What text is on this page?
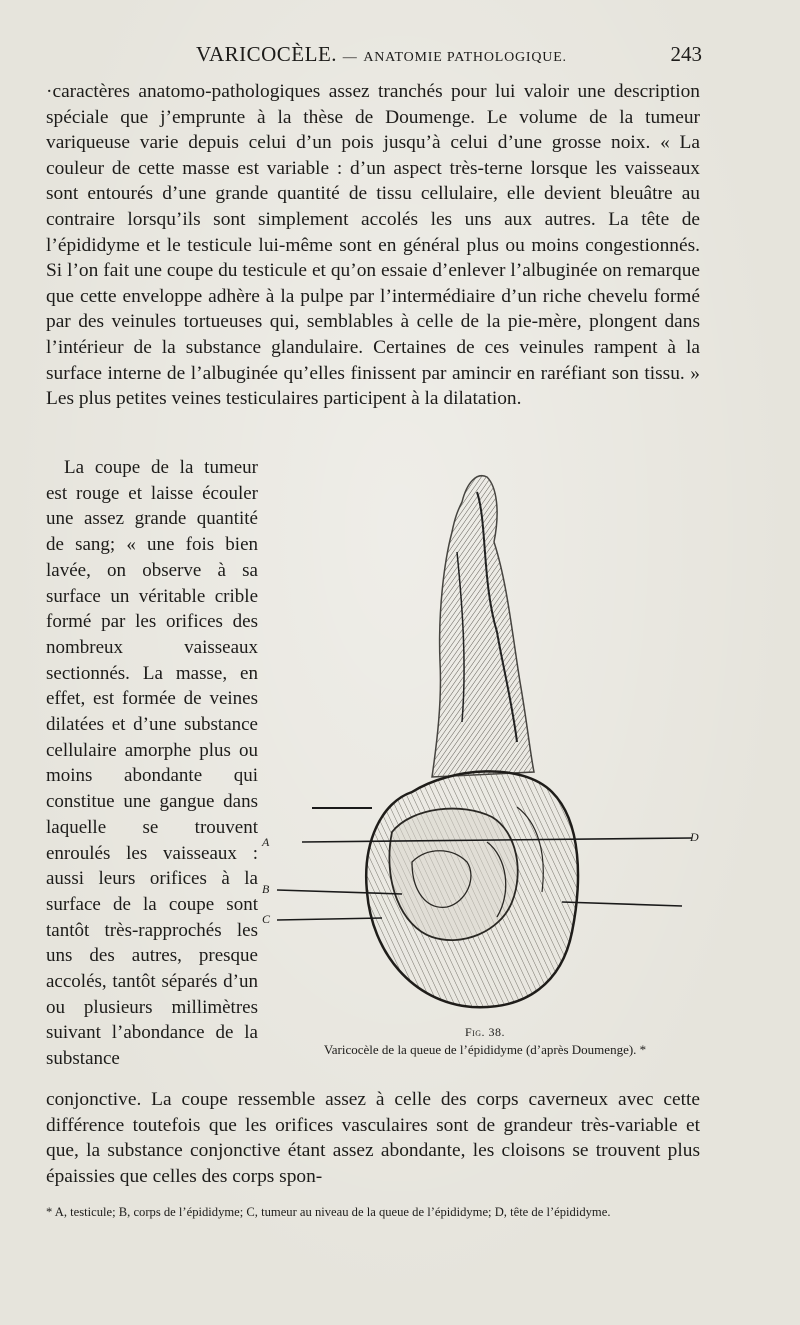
VARICOCÈLE. — ANATOMIE PATHOLOGIQUE.	243

·caractères anatomo-pathologiques assez tranchés pour lui valoir une description spéciale que j’emprunte à la thèse de Doumenge. Le volume de la tumeur variqueuse varie depuis celui d’un pois jusqu’à celui d’une grosse noix. « La couleur de cette masse est variable : d’un aspect très-terne lorsque les vaisseaux sont entourés d’une grande quantité de tissu cellulaire, elle devient bleuâtre au contraire lorsqu’ils sont simplement accolés les uns aux autres. La tête de l’épididyme et le testicule lui-même sont en général plus ou moins congestionnés. Si l’on fait une coupe du testicule et qu’on essaie d’enlever l’albuginée on remarque que cette enveloppe adhère à la pulpe par l’intermédiaire d’un riche chevelu formé par des veinules tortueuses qui, semblables à celle de la pie-mère, plongent dans l’intérieur de la substance glandulaire. Certaines de ces veinules rampent à la surface interne de l’albuginée qu’elles finissent par amincir en raréfiant son tissu. » Les plus petites veines testiculaires participent à la dilatation.

La coupe de la tumeur est rouge et laisse écouler une assez grande quantité de sang; « une fois bien lavée, on observe à sa surface un véritable crible formé par les orifices des nombreux vaisseaux sectionnés. La masse, en effet, est formée de veines dilatées et d’une substance cellulaire amorphe plus ou moins abondante qui constitue une gangue dans laquelle se trouvent enroulés les vaisseaux : aussi leurs orifices à la surface de la coupe sont tantôt très-rapprochés les uns des autres, presque accolés, tantôt séparés d’un ou plusieurs millimètres suivant l’abondance de la substance

A
B
C
D
Fig. 38.
Varicocèle de la queue de l’épididyme (d’après Doumenge). *

conjonctive. La coupe ressemble assez à celle des corps caverneux avec cette différence toutefois que les orifices vasculaires sont de grandeur très-variable et que, la substance conjonctive étant assez abondante, les cloisons se trouvent plus épaissies que celles des corps spon-

* A, testicule; B, corps de l’épididyme; C, tumeur au niveau de la queue de l’épididyme; D, tête de l’épididyme.
